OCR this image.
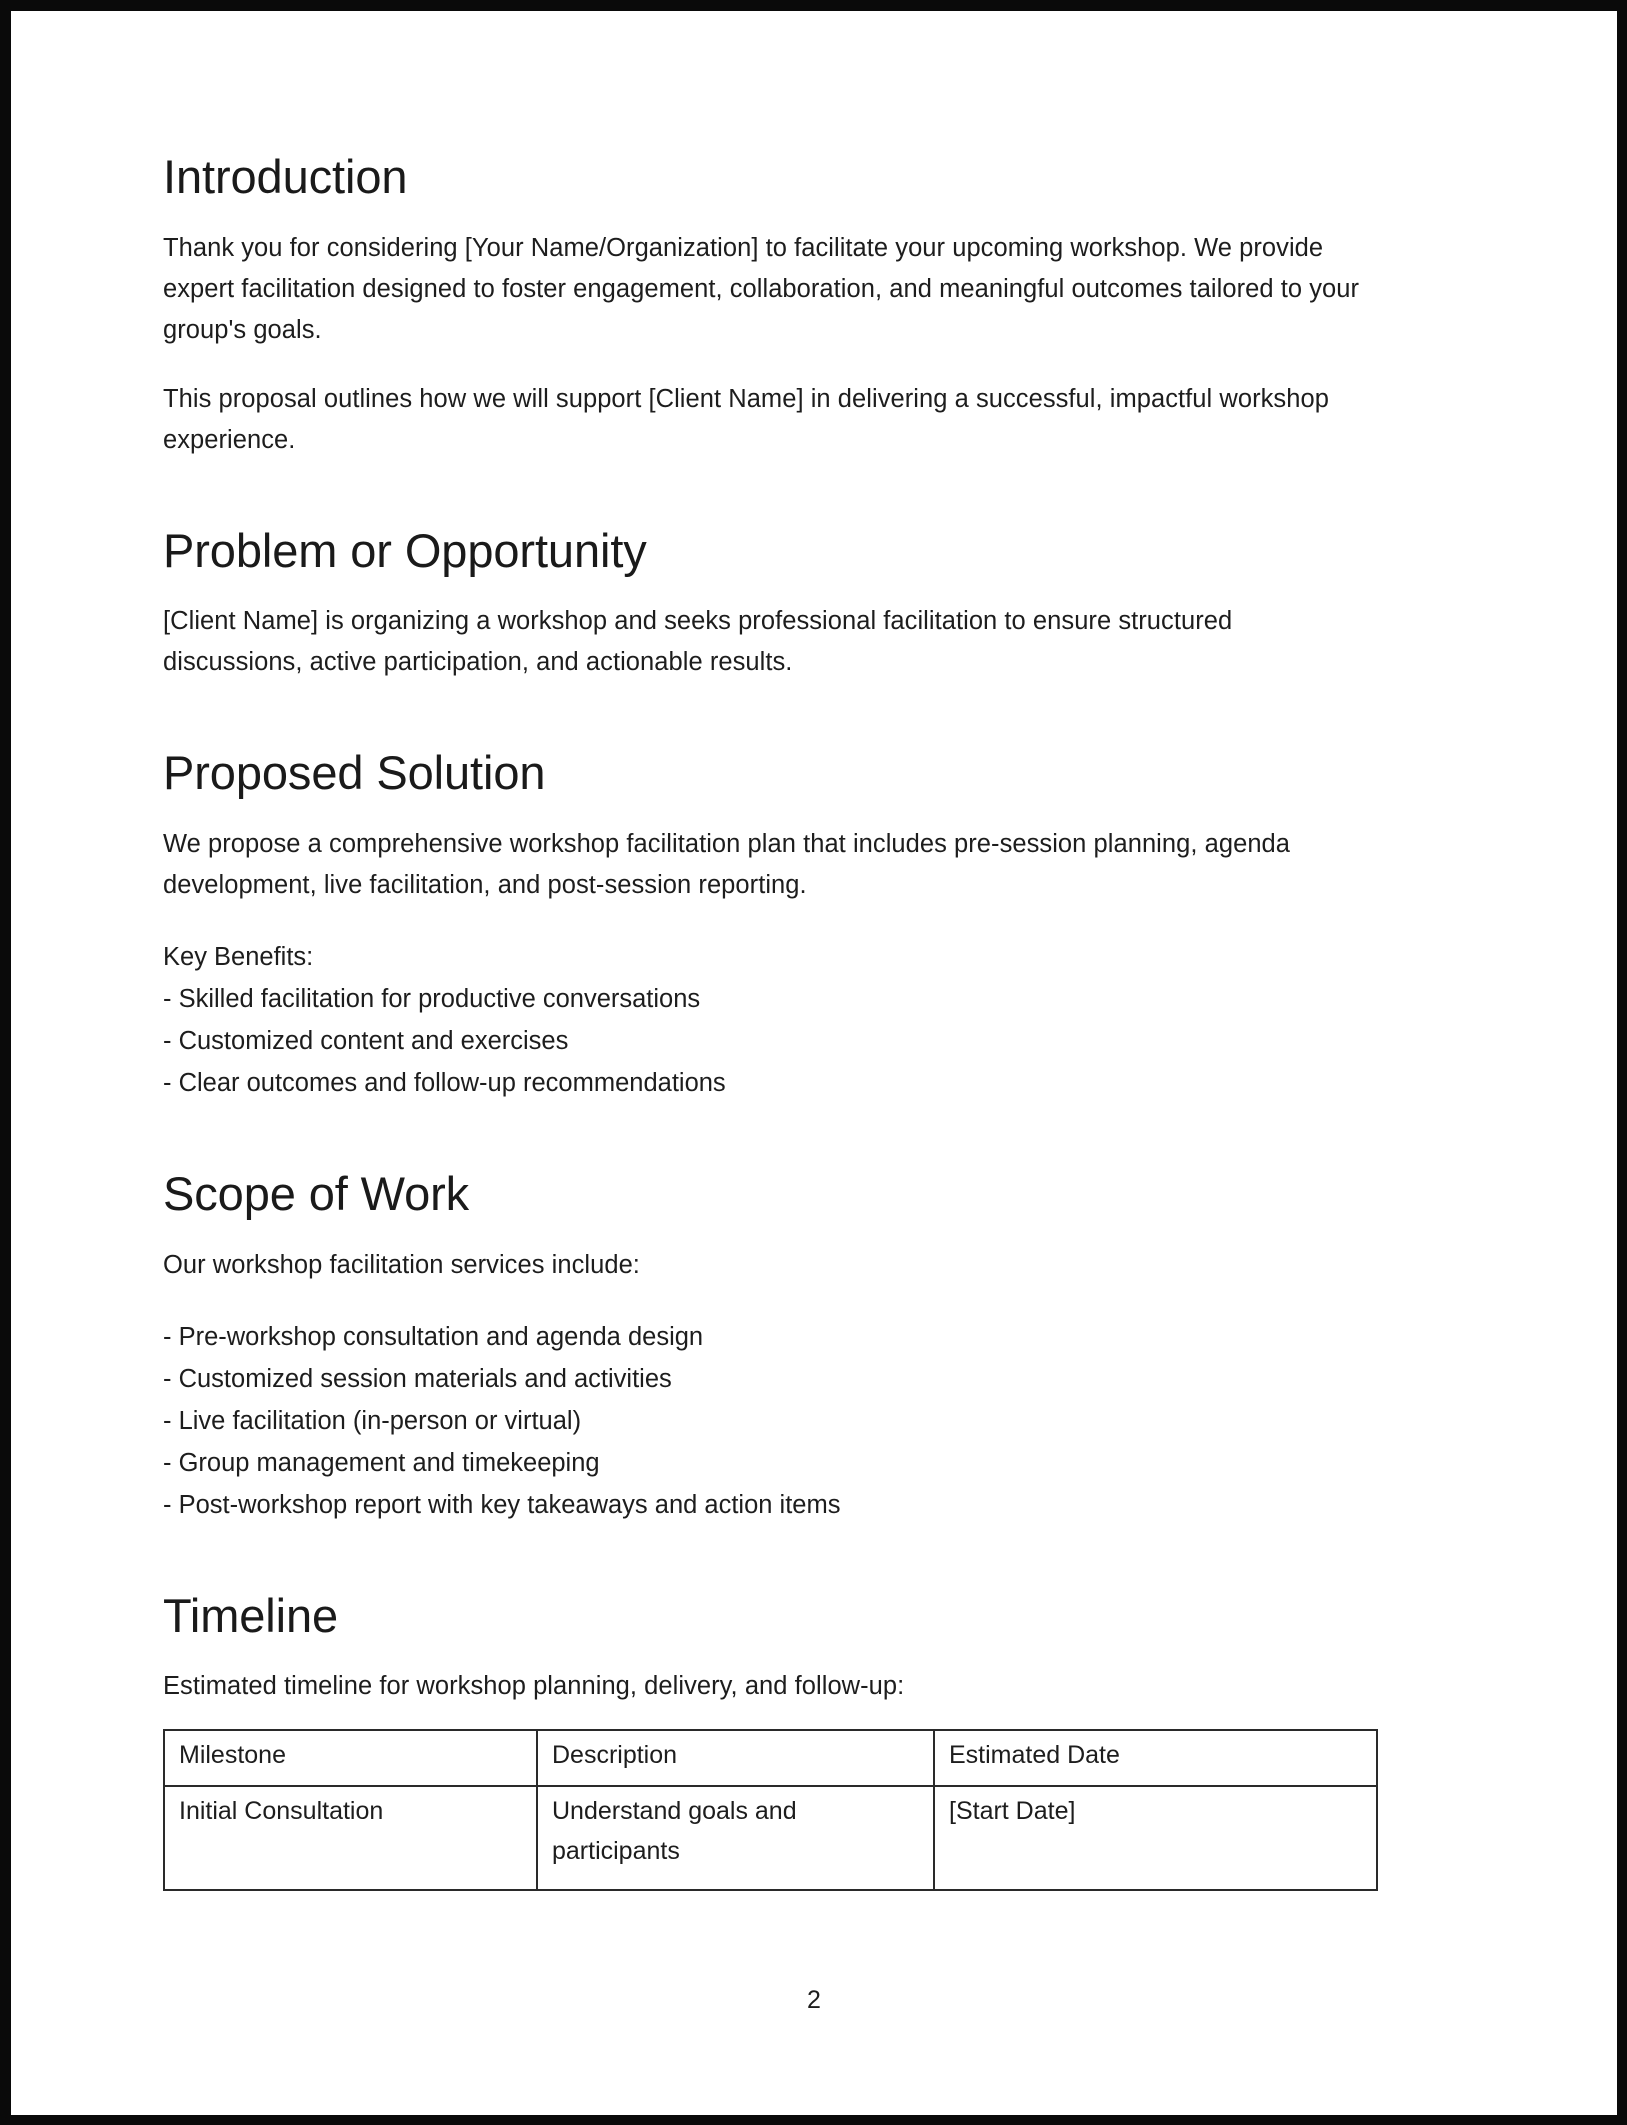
Introduction

Thank you for considering [Your Name/Organization] to facilitate your upcoming workshop. We provide expert facilitation designed to foster engagement, collaboration, and meaningful outcomes tailored to your group's goals.

This proposal outlines how we will support [Client Name] in delivering a successful, impactful workshop experience.

Problem or Opportunity

[Client Name] is organizing a workshop and seeks professional facilitation to ensure structured discussions, active participation, and actionable results.

Proposed Solution

We propose a comprehensive workshop facilitation plan that includes pre-session planning, agenda development, live facilitation, and post-session reporting.

Key Benefits:
- Skilled facilitation for productive conversations
- Customized content and exercises
- Clear outcomes and follow-up recommendations
Scope of Work

Our workshop facilitation services include:

- Pre-workshop consultation and agenda design
- Customized session materials and activities
- Live facilitation (in-person or virtual)
- Group management and timekeeping
- Post-workshop report with key takeaways and action items
Timeline

Estimated timeline for workshop planning, delivery, and follow-up:

Milestone	Description	Estimated Date
Initial Consultation	Understand goals and participants	[Start Date]
2
